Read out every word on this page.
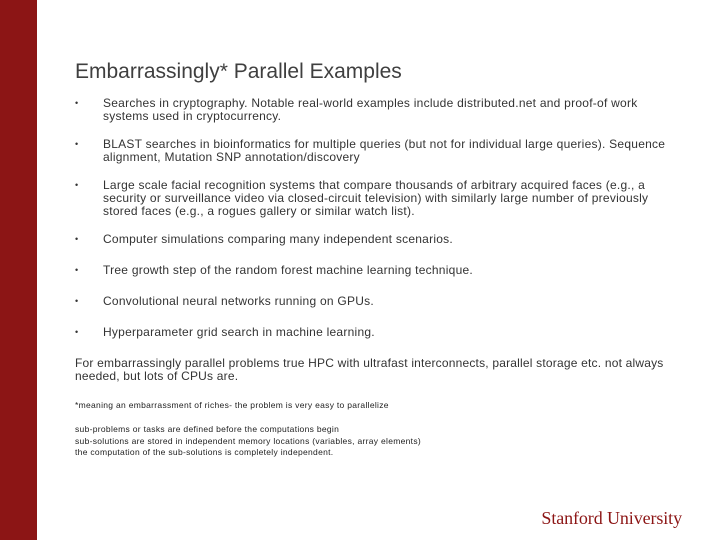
Embarrassingly* Parallel Examples
• Searches in cryptography. Notable real-world examples include distributed.net and proof-of work systems used in cryptocurrency.
• BLAST searches in bioinformatics for multiple queries (but not for individual large queries). Sequence alignment, Mutation SNP annotation/discovery
• Large scale facial recognition systems that compare thousands of arbitrary acquired faces (e.g., a security or surveillance video via closed-circuit television) with similarly large number of previously stored faces (e.g., a rogues gallery or similar watch list).
• Computer simulations comparing many independent scenarios.
• Tree growth step of the random forest machine learning technique.
• Convolutional neural networks running on GPUs.
• Hyperparameter grid search in machine learning.
For embarrassingly parallel problems true HPC with ultrafast interconnects, parallel storage etc. not always needed, but lots of CPUs are.
*meaning an embarrassment of riches- the problem is very easy to parallelize
sub-problems or tasks are defined before the computations begin
sub-solutions are stored in independent memory locations (variables, array elements)
the computation of the sub-solutions is completely independent.
Stanford University
